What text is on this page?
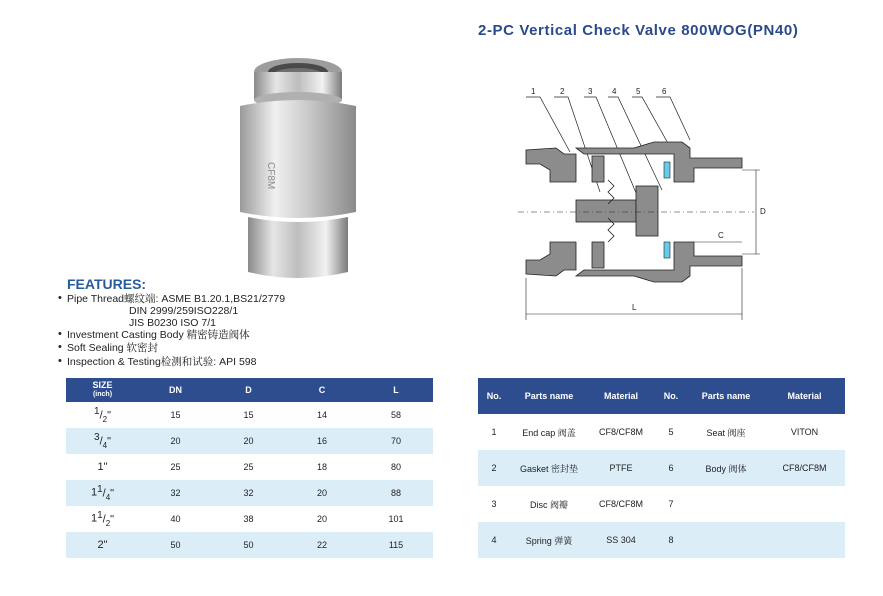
2-PC Vertical Check Valve 800WOG(PN40)
CF8M
FEATURES:
• Pipe Thread螺纹端: ASME B1.20.1,BS21/2779
DIN 2999/259ISO228/1
JIS B0230 ISO 7/1
• Investment Casting Body 精密铸造阀体
• Soft Sealing 软密封
• Inspection & Testing检测和试验: API 598
1	2	3 4 5	6
D
C
L
SIZE
(inch)	DN	D	C	L
$^1/_2$"	15	15	14	58
$^3/_4$"	20	20	16	70
1"	25	25	18	80
$1^1/_4$"	32	32	20	88
$1^1/_2$"	40	38	20	101
2"	50	50	22	115
No.	Parts name	Material	No.	Parts name	Material
1	End cap 阀盖	CF8/CF8M	5	Seat 阀座	VITON
2	Gasket 密封垫	PTFE	6	Body 阀体	CF8/CF8M
3	Disc 阀瓣	CF8/CF8M	7		
4	Spring 弹簧	SS 304	8		
